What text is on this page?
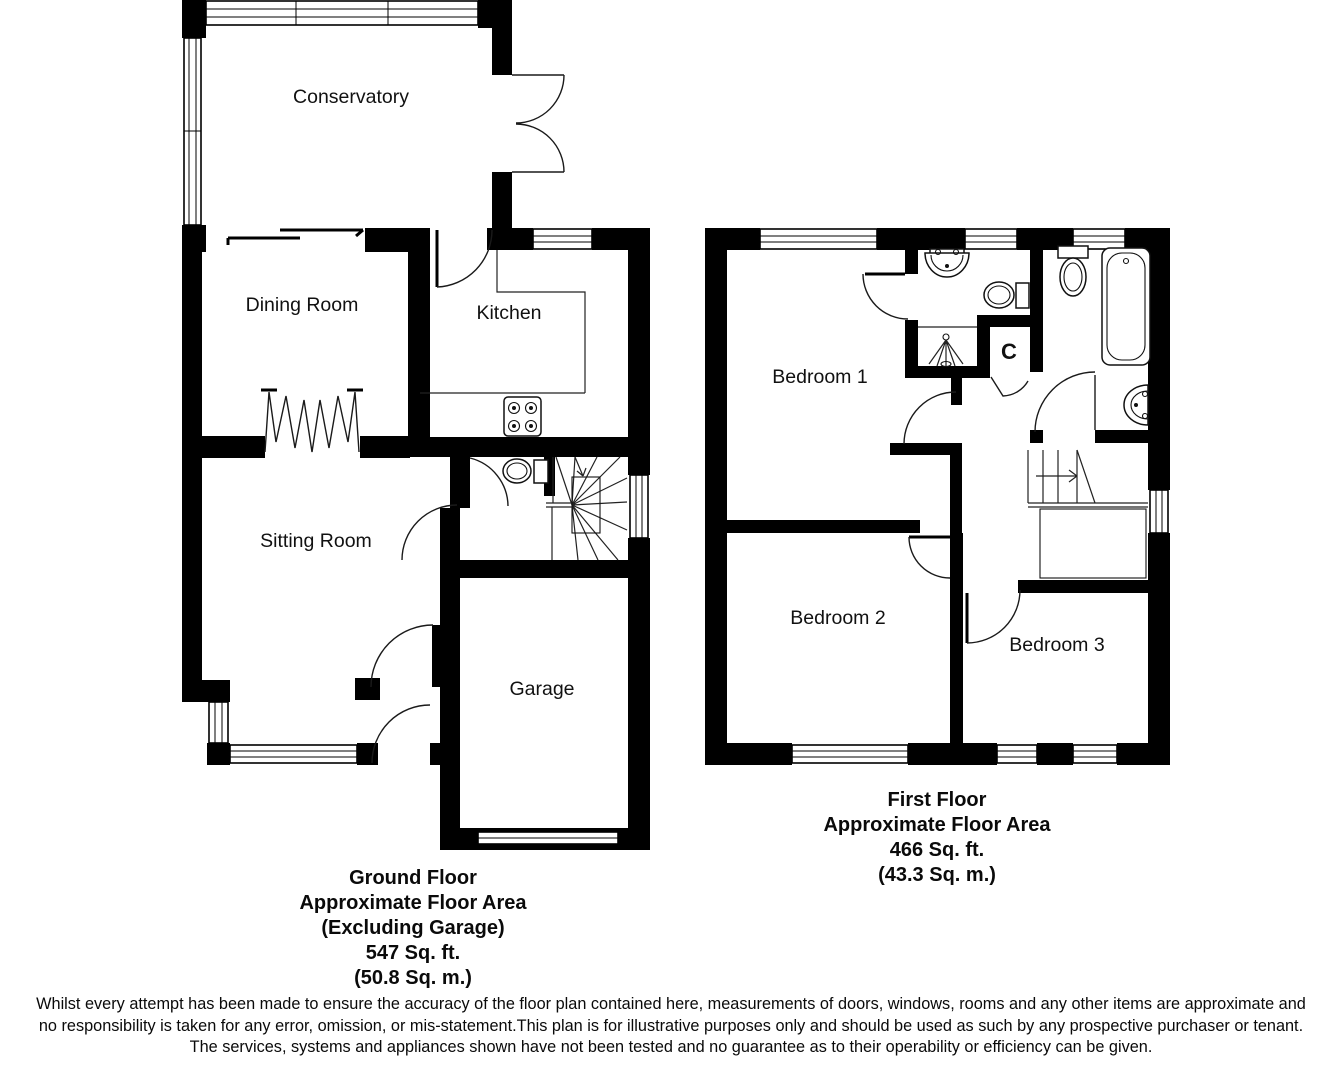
Conservatory
Dining Room	Kitchen
Sitting Room
Garage
Bedroom 1
C
Bedroom 2
Bedroom 3
Ground Floor
Approximate Floor Area
(Excluding Garage)
547 Sq. ft.
(50.8 Sq. m.)
First Floor
Approximate Floor Area
466 Sq. ft.
(43.3 Sq. m.)
Whilst every attempt has been made to ensure the accuracy of the floor plan contained here, measurements of doors, windows, rooms and any other items are approximate and
no responsibility is taken for any error, omission, or mis-statement.This plan is for illustrative purposes only and should be used as such by any prospective purchaser or tenant.
The services, systems and appliances shown have not been tested and no guarantee as to their operability or efficiency can be given.
